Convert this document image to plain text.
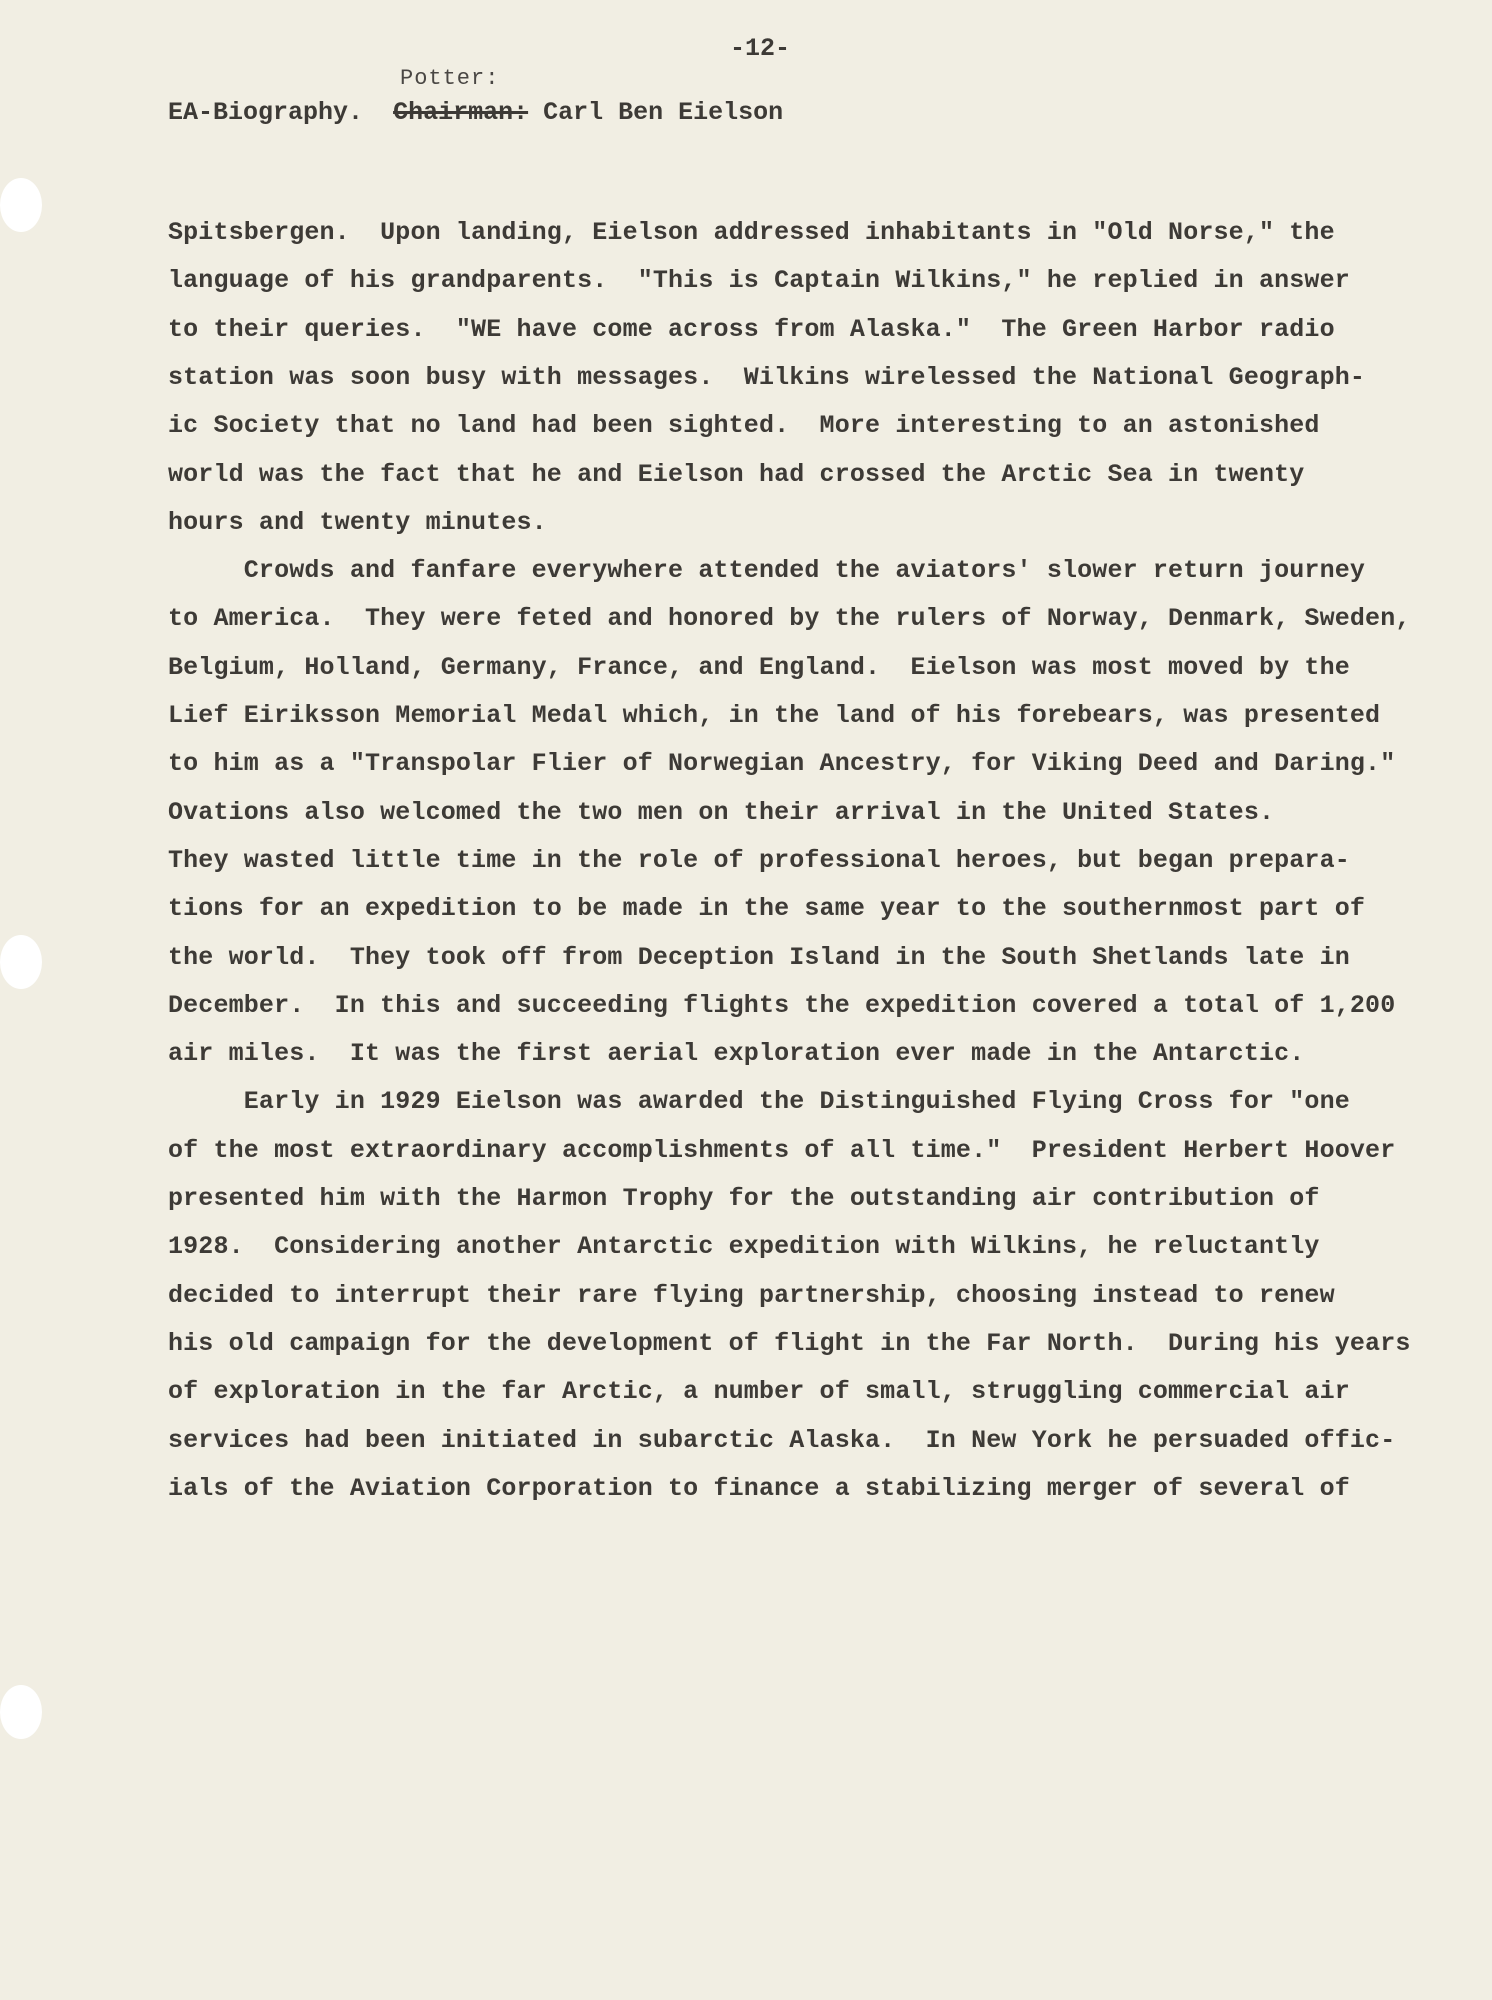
-12-
Potter:
EA-Biography. Chairman: Carl Ben Eielson
Spitsbergen.  Upon landing, Eielson addressed inhabitants in "Old Norse," the
language of his grandparents.  "This is Captain Wilkins," he replied in answer
to their queries.  "WE have come across from Alaska."  The Green Harbor radio
station was soon busy with messages.  Wilkins wirelessed the National Geograph-
ic Society that no land had been sighted.  More interesting to an astonished
world was the fact that he and Eielson had crossed the Arctic Sea in twenty
hours and twenty minutes.
Crowds and fanfare everywhere attended the aviators' slower return journey
to America.  They were feted and honored by the rulers of Norway, Denmark, Sweden,
Belgium, Holland, Germany, France, and England.  Eielson was most moved by the
Lief Eiriksson Memorial Medal which, in the land of his forebears, was presented
to him as a "Transpolar Flier of Norwegian Ancestry, for Viking Deed and Daring."
Ovations also welcomed the two men on their arrival in the United States.
They wasted little time in the role of professional heroes, but began prepara-
tions for an expedition to be made in the same year to the southernmost part of
the world.  They took off from Deception Island in the South Shetlands late in
December.  In this and succeeding flights the expedition covered a total of 1,200
air miles.  It was the first aerial exploration ever made in the Antarctic.
Early in 1929 Eielson was awarded the Distinguished Flying Cross for "one
of the most extraordinary accomplishments of all time."  President Herbert Hoover
presented him with the Harmon Trophy for the outstanding air contribution of
1928.  Considering another Antarctic expedition with Wilkins, he reluctantly
decided to interrupt their rare flying partnership, choosing instead to renew
his old campaign for the development of flight in the Far North.  During his years
of exploration in the far Arctic, a number of small, struggling commercial air
services had been initiated in subarctic Alaska.  In New York he persuaded offic-
ials of the Aviation Corporation to finance a stabilizing merger of several of
